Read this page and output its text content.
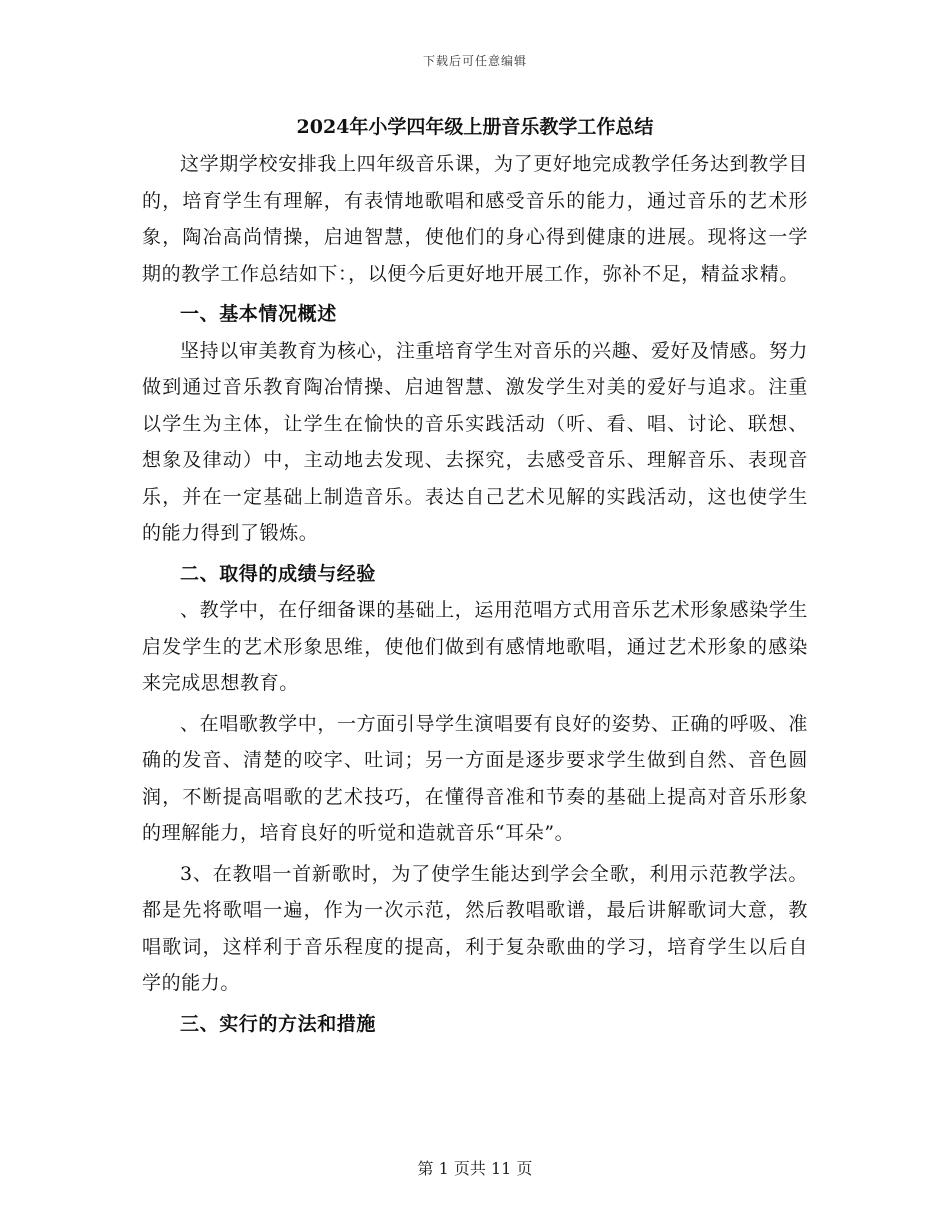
下载后可任意编辑
2024年小学四年级上册音乐教学工作总结

这学期学校安排我上四年级音乐课，为了更好地完成教学任务达到教学目的，培育学生有理解，有表情地歌唱和感受音乐的能力，通过音乐的艺术形象，陶冶高尚情操，启迪智慧，使他们的身心得到健康的进展。现将这一学期的教学工作总结如下：，以便今后更好地开展工作，弥补不足，精益求精。

一、基本情况概述

坚持以审美教育为核心，注重培育学生对音乐的兴趣、爱好及情感。努力做到通过音乐教育陶冶情操、启迪智慧、激发学生对美的爱好与追求。注重以学生为主体，让学生在愉快的音乐实践活动（听、看、唱、讨论、联想、想象及律动）中，主动地去发现、去探究，去感受音乐、理解音乐、表现音乐，并在一定基础上制造音乐。表达自己艺术见解的实践活动，这也使学生的能力得到了锻炼。

二、取得的成绩与经验

、教学中，在仔细备课的基础上，运用范唱方式用音乐艺术形象感染学生启发学生的艺术形象思维，使他们做到有感情地歌唱，通过艺术形象的感染来完成思想教育。

、在唱歌教学中，一方面引导学生演唱要有良好的姿势、正确的呼吸、准确的发音、清楚的咬字、吐词；另一方面是逐步要求学生做到自然、音色圆润，不断提高唱歌的艺术技巧，在懂得音准和节奏的基础上提高对音乐形象的理解能力，培育良好的听觉和造就音乐“耳朵”。

3、在教唱一首新歌时，为了使学生能达到学会全歌，利用示范教学法。都是先将歌唱一遍，作为一次示范，然后教唱歌谱，最后讲解歌词大意，教唱歌词，这样利于音乐程度的提高，利于复杂歌曲的学习，培育学生以后自学的能力。

三、实行的方法和措施
第 1 页共 11 页
